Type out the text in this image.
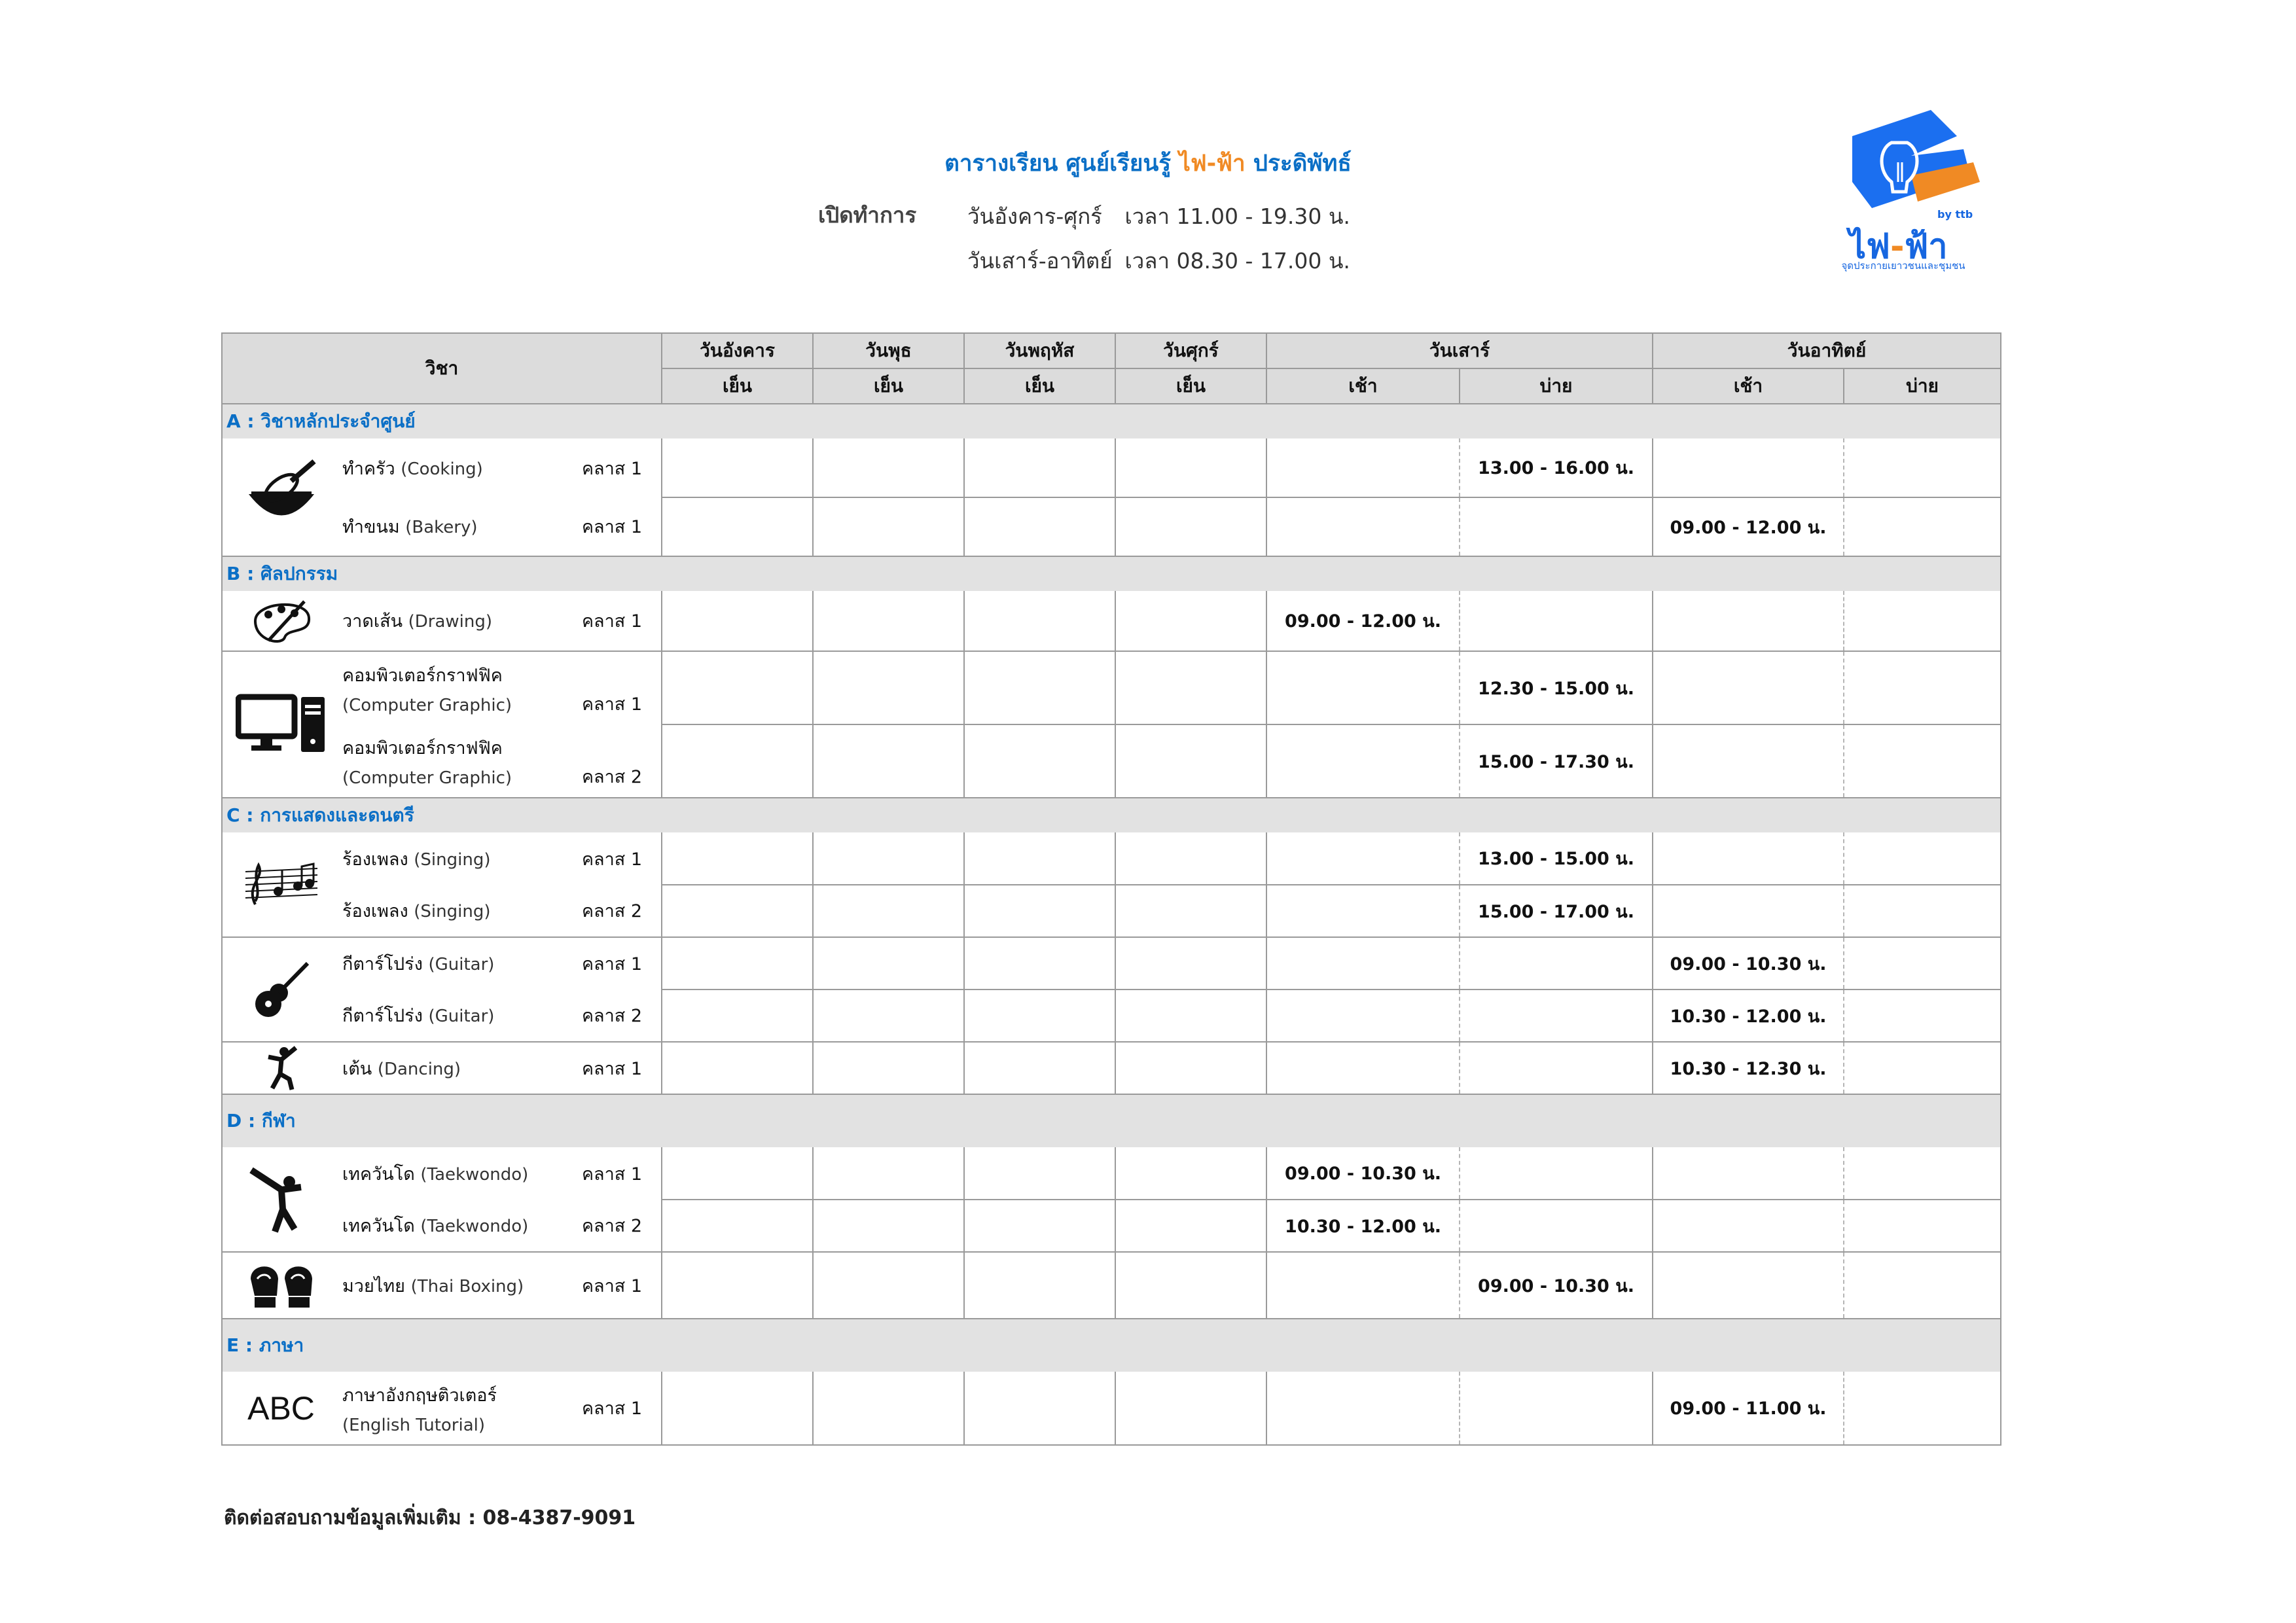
ตารางเรียน ศูนย์เรียนรู้ ไฟ-ฟ้า ประดิพัทธ์
เปิดทำการ วันอังคาร-ศุกร์ เวลา 11.00 - 19.30 น.
วันเสาร์-อาทิตย์ เวลา 08.30 - 17.00 น.
by ttb
ไฟ-ฟ้า
จุดประกายเยาวชนและชุมชน
วิชา			วันอังคาร	วันพุธ	วันพฤหัส	วันศุกร์	วันเสาร์		วันอาทิตย์	
			เย็น	เย็น	เย็น	เย็น	เช้า	บ่าย	เช้า	บ่าย
A : วิชาหลักประจำศูนย์										

	ทำครัว (Cooking)	คลาส 1						13.00 - 16.00 น.		
	ทำขนม (Bakery)	คลาส 1							09.00 - 12.00 น.	
B : ศิลปกรรม										

	วาดเส้น (Drawing)	คลาส 1					09.00 - 12.00 น.			

คอมพิวเตอร์กราฟฟิค
(Computer Graphic)	คลาส 1						12.30 - 15.00 น.		

	คอมพิวเตอร์กราฟฟิค
(Computer Graphic)	คลาส 2						15.00 - 17.30 น.		
C : การแสดงและดนตรี										

	ร้องเพลง (Singing)	คลาส 1						13.00 - 15.00 น.		
	ร้องเพลง (Singing)	คลาส 2						15.00 - 17.00 น.		

	กีตาร์โปร่ง (Guitar)	คลาส 1							09.00 - 10.30 น.	
	กีตาร์โปร่ง (Guitar)	คลาส 2							10.30 - 12.00 น.	

	เต้น (Dancing)	คลาส 1							10.30 - 12.30 น.	
D : กีฬา										

	เทควันโด (Taekwondo)	คลาส 1					09.00 - 10.30 น.			
	เทควันโด (Taekwondo)	คลาส 2					10.30 - 12.00 น.			

	มวยไทย (Thai Boxing)	คลาส 1						09.00 - 10.30 น.		
E : ภาษา										
ABC	ภาษาอังกฤษติวเตอร์
(English Tutorial)	คลาส 1							09.00 - 11.00 น.	
ติดต่อสอบถามข้อมูลเพิ่มเติม : 08-4387-9091
